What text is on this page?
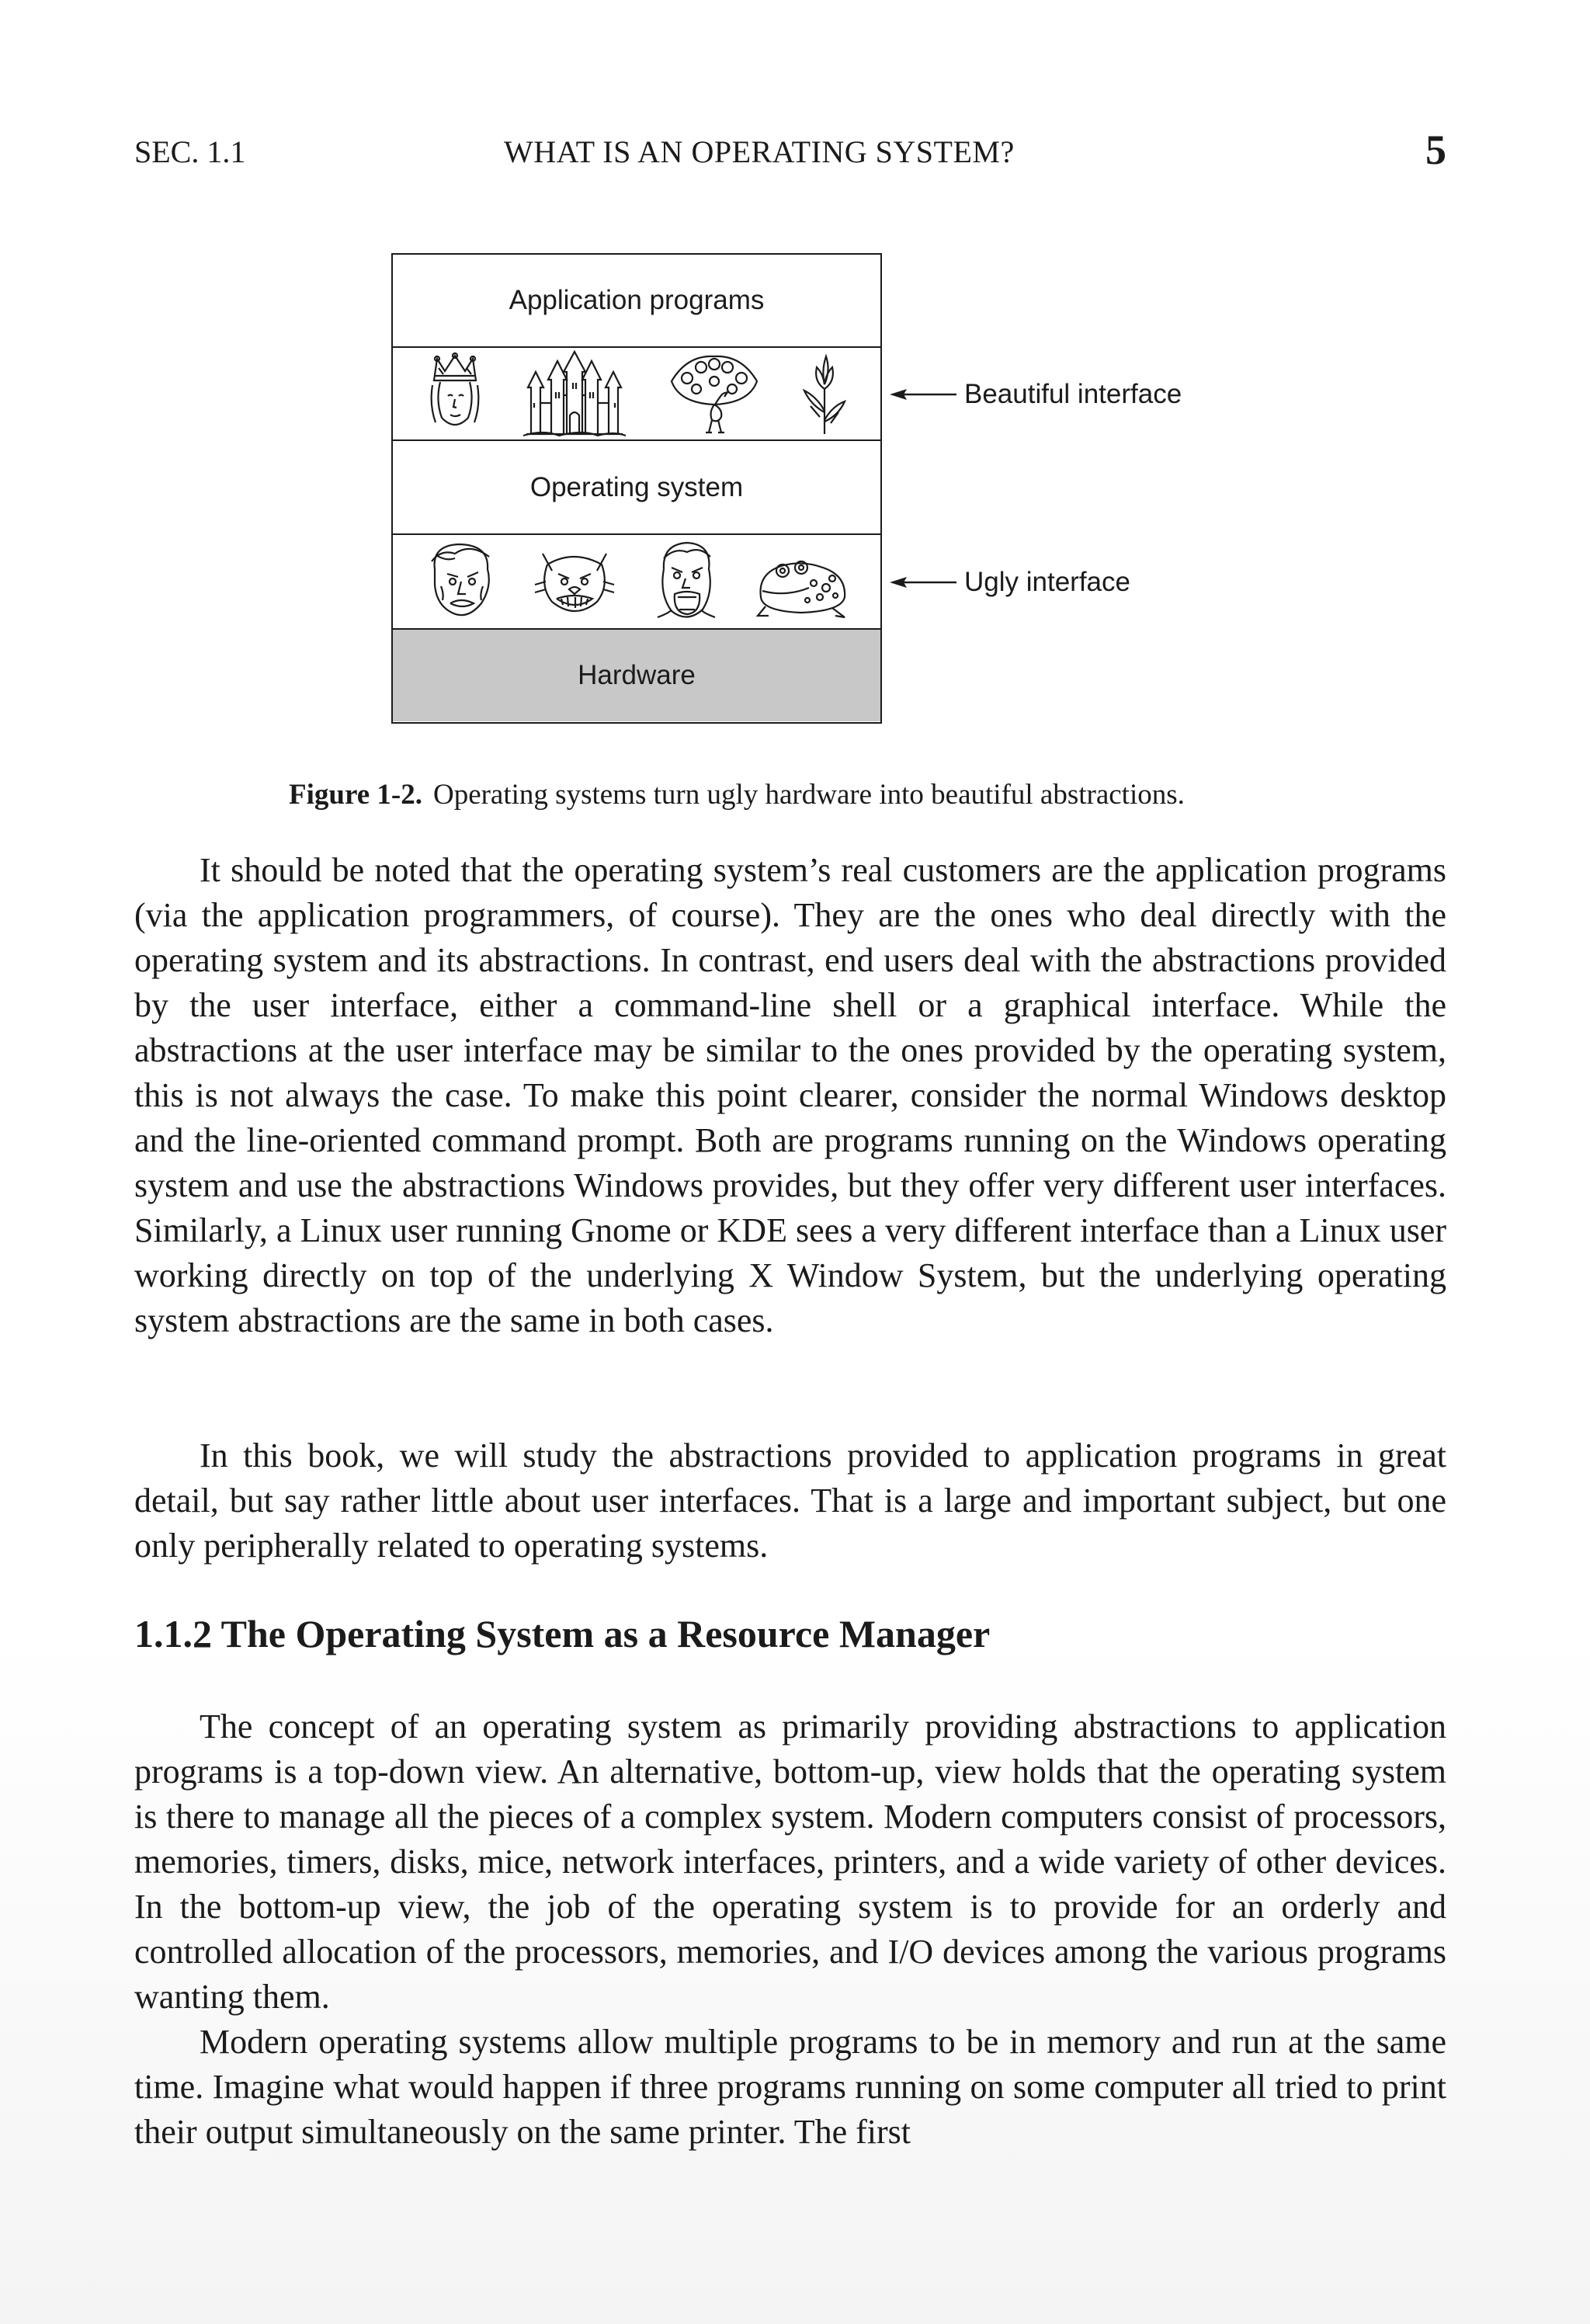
SEC. 1.1	WHAT IS AN OPERATING SYSTEM?	5
Application programs
Operating system
Hardware
Beautiful interface
Ugly interface
Figure 1-2. Operating systems turn ugly hardware into beautiful abstractions.

It should be noted that the operating system’s real customers are the application programs (via the application programmers, of course). They are the ones who deal directly with the operating system and its abstractions. In contrast, end users deal with the abstractions provided by the user interface, either a command-line shell or a graphical interface. While the abstractions at the user interface may be similar to the ones provided by the operating system, this is not always the case. To make this point clearer, consider the normal Windows desktop and the line-oriented command prompt. Both are programs running on the Windows operating system and use the abstractions Windows provides, but they offer very different user interfaces. Similarly, a Linux user running Gnome or KDE sees a very different interface than a Linux user working directly on top of the underlying X Window System, but the underlying operating system abstractions are the same in both cases.

In this book, we will study the abstractions provided to application programs in great detail, but say rather little about user interfaces. That is a large and important subject, but one only peripherally related to operating systems.

1.1.2 The Operating System as a Resource Manager

The concept of an operating system as primarily providing abstractions to application programs is a top-down view. An alternative, bottom-up, view holds that the operating system is there to manage all the pieces of a complex system. Modern computers consist of processors, memories, timers, disks, mice, network interfaces, printers, and a wide variety of other devices. In the bottom-up view, the job of the operating system is to provide for an orderly and controlled allocation of the processors, memories, and I/O devices among the various programs wanting them.

Modern operating systems allow multiple programs to be in memory and run at the same time. Imagine what would happen if three programs running on some computer all tried to print their output simultaneously on the same printer. The first
